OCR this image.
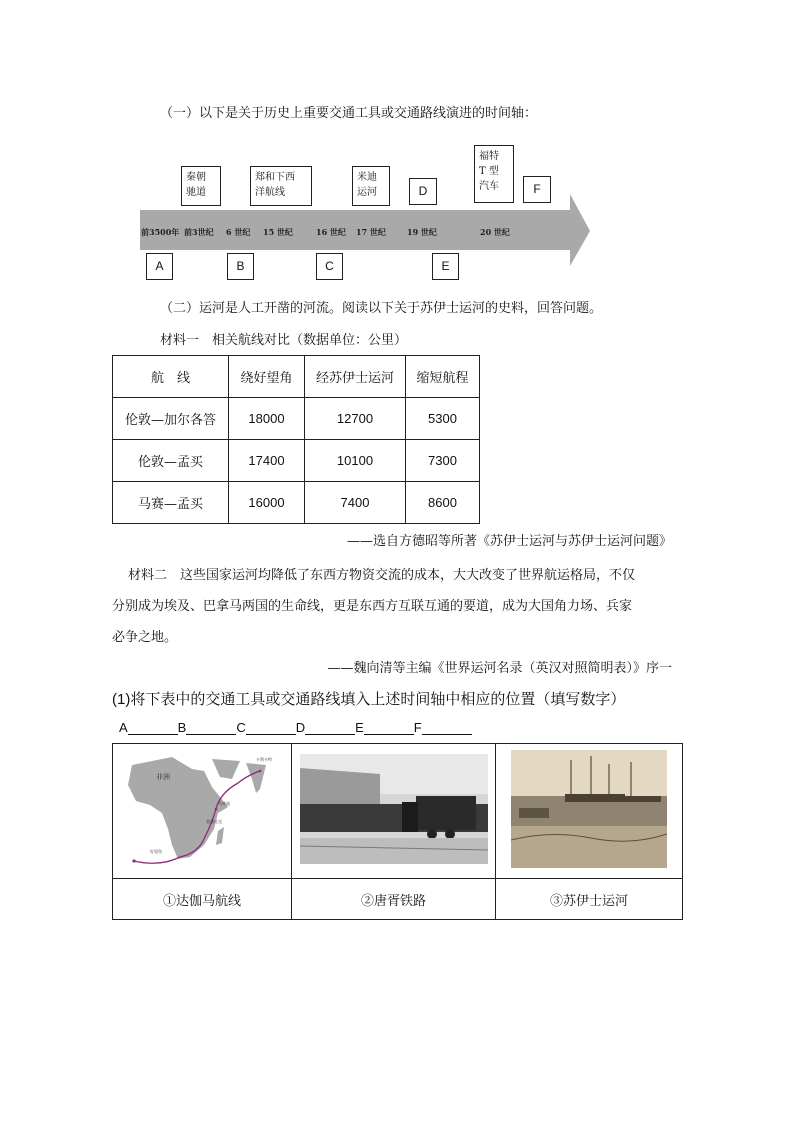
（一）以下是关于历史上重要交通工具或交通路线演进的时间轴：
秦朝
驰道
郑和下西
洋航线
米迪
运河	D
福特
T 型
汽车	F
前3500年 前3世纪 6 世纪 15 世纪	16 世纪 17 世纪	19 世纪	20 世纪
A	B	C	E
（二）运河是人工开凿的河流。阅读以下关于苏伊士运河的史料，回答问题。
材料一　相关航线对比（数据单位：公里）
航　线	绕好望角	经苏伊士运河	缩短航程
伦敦—加尔各答	18000	12700	5300
伦敦—孟买	17400	10100	7300
马赛—孟买	16000	7400	8600
——选自方德昭等所著《苏伊士运河与苏伊士运河问题》
材料二　这些国家运河均降低了东西方物资交流的成本，大大改变了世界航运格局，不仅
分别成为埃及、巴拿马两国的生命线，更是东西方互联互通的要道，成为大国角力场、兵家
必争之地。
——魏向清等主编《世界运河名录（英汉对照简明表）》序一
(1)将下表中的交通工具或交通路线填入上述时间轴中相应的位置（填写数字）
A	B	C	D	E	F
非洲
卡利卡特
马林迪
莫桑比克
好望角

①达伽马航线	②唐胥铁路	③苏伊士运河
